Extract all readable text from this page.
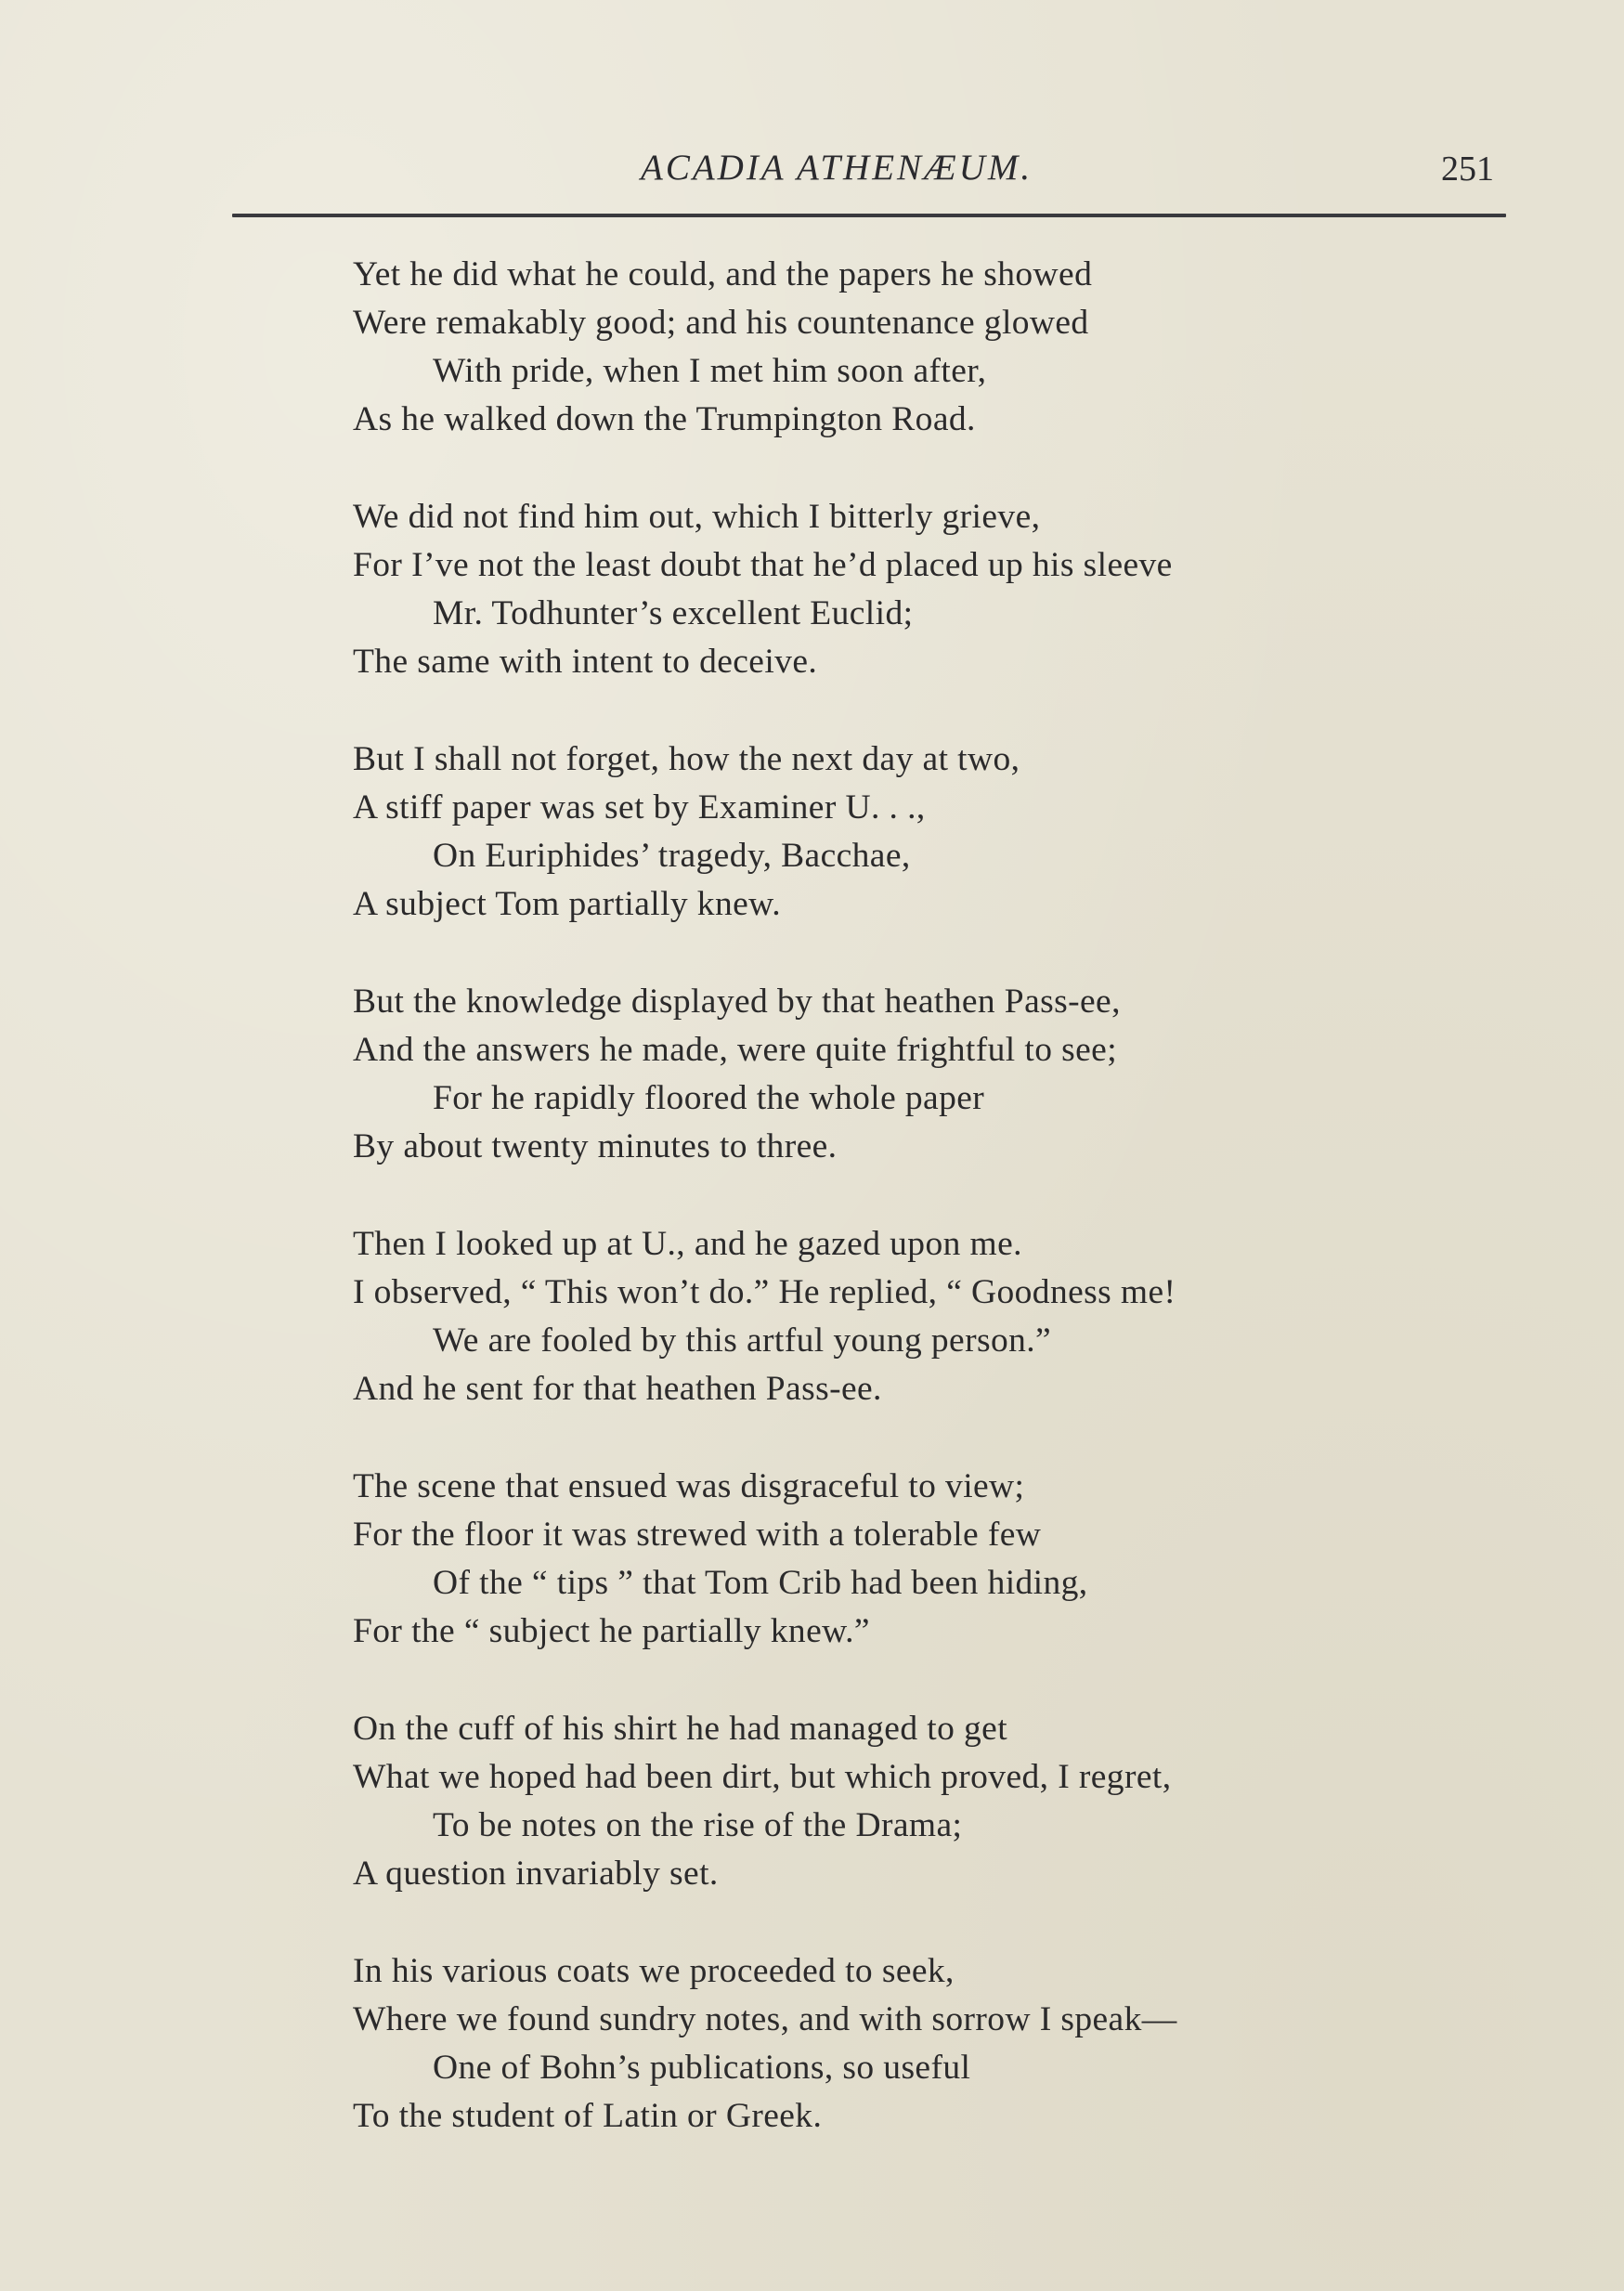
ACADIA ATHENÆUM.	251
Yet he did what he could, and the papers he showed
Were remakably good; and his countenance glowed
With pride, when I met him soon after,
As he walked down the Trumpington Road.
We did not find him out, which I bitterly grieve,
For I’ve not the least doubt that he’d placed up his sleeve
Mr. Todhunter’s excellent Euclid;
The same with intent to deceive.
But I shall not forget, how the next day at two,
A stiff paper was set by Examiner U. . .,
On Euriphides’ tragedy, Bacchae,
A subject Tom partially knew.
But the knowledge displayed by that heathen Pass-ee,
And the answers he made, were quite frightful to see;
For he rapidly floored the whole paper
By about twenty minutes to three.
Then I looked up at U., and he gazed upon me.
I observed, “ This won’t do.” He replied, “ Goodness me!
We are fooled by this artful young person.”
And he sent for that heathen Pass-ee.
The scene that ensued was disgraceful to view;
For the floor it was strewed with a tolerable few
Of the “ tips ” that Tom Crib had been hiding,
For the “ subject he partially knew.”
On the cuff of his shirt he had managed to get
What we hoped had been dirt, but which proved, I regret,
To be notes on the rise of the Drama;
A question invariably set.
In his various coats we proceeded to seek,
Where we found sundry notes, and with sorrow I speak—
One of Bohn’s publications, so useful
To the student of Latin or Greek.
